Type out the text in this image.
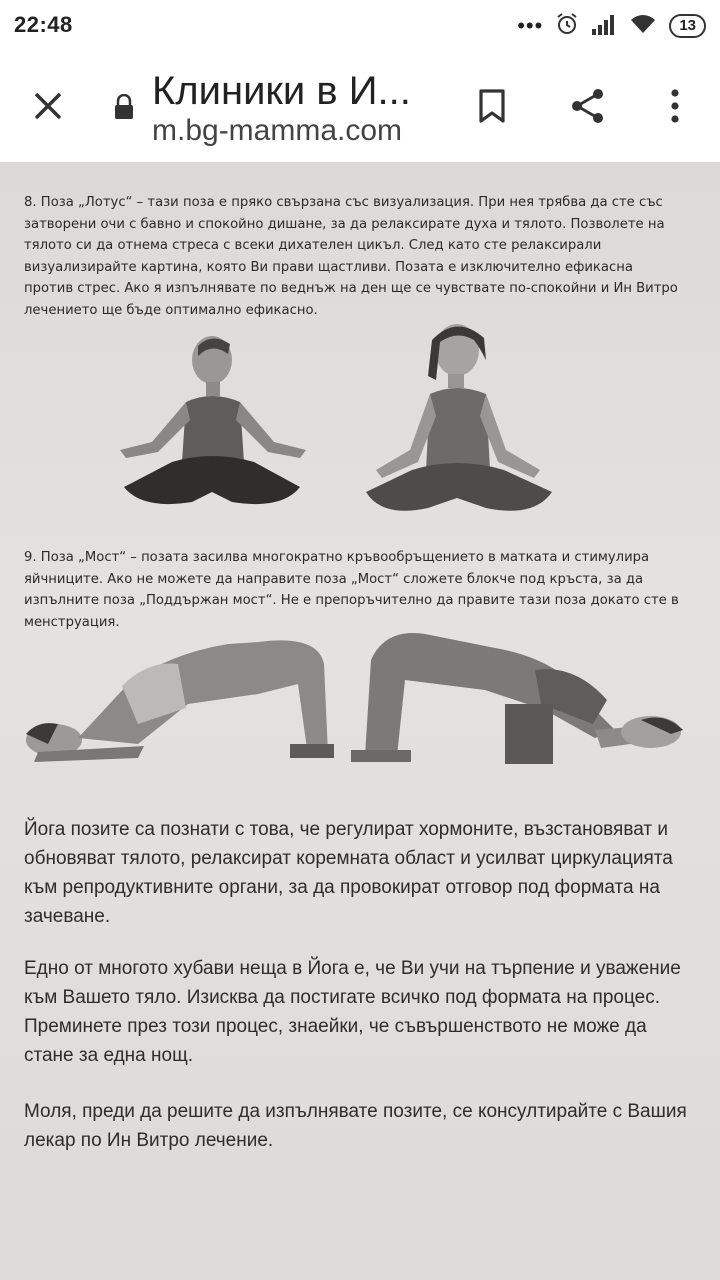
22:48	•••	13
Клиники в И...
m.bg-mamma.com
8. Поза „Лотус“ – тази поза е пряко свързана със визуализация. При нея трябва да сте със
затворени очи с бавно и спокойно дишане, за да релаксирате духа и тялото. Позволете на
тялото си да отнема стреса с всеки дихателен цикъл. След като сте релаксирали
визуализирайте картина, която Ви прави щастливи. Позата е изключително ефикасна
против стрес. Ако я изпълнявате по веднъж на ден ще се чувствате по-спокойни и Ин Витро
лечението ще бъде оптимално ефикасно.
9. Поза „Мост“ – позата засилва многократно кръвообръщението в матката и стимулира
яйчниците. Ако не можете да направите поза „Мост“ сложете блокче под кръста, за да
изпълните поза „Поддържан мост“. Не е препоръчително да правите тази поза докато сте в
менструация.
Йога позите са познати с това, че регулират хормоните, възстановяват и
обновяват тялото, релаксират коремната област и усилват циркулацията
към репродуктивните органи, за да провокират отговор под формата на
зачеване.
Едно от многото хубави неща в Йога е, че Ви учи на търпение и уважение
към Вашето тяло. Изисква да постигате всичко под формата на процес.
Преминете през този процес, знаейки, че съвършенството не може да
стане за една нощ.
Моля, преди да решите да изпълнявате позите, се консултирайте с Вашия
лекар по Ин Витро лечение.
